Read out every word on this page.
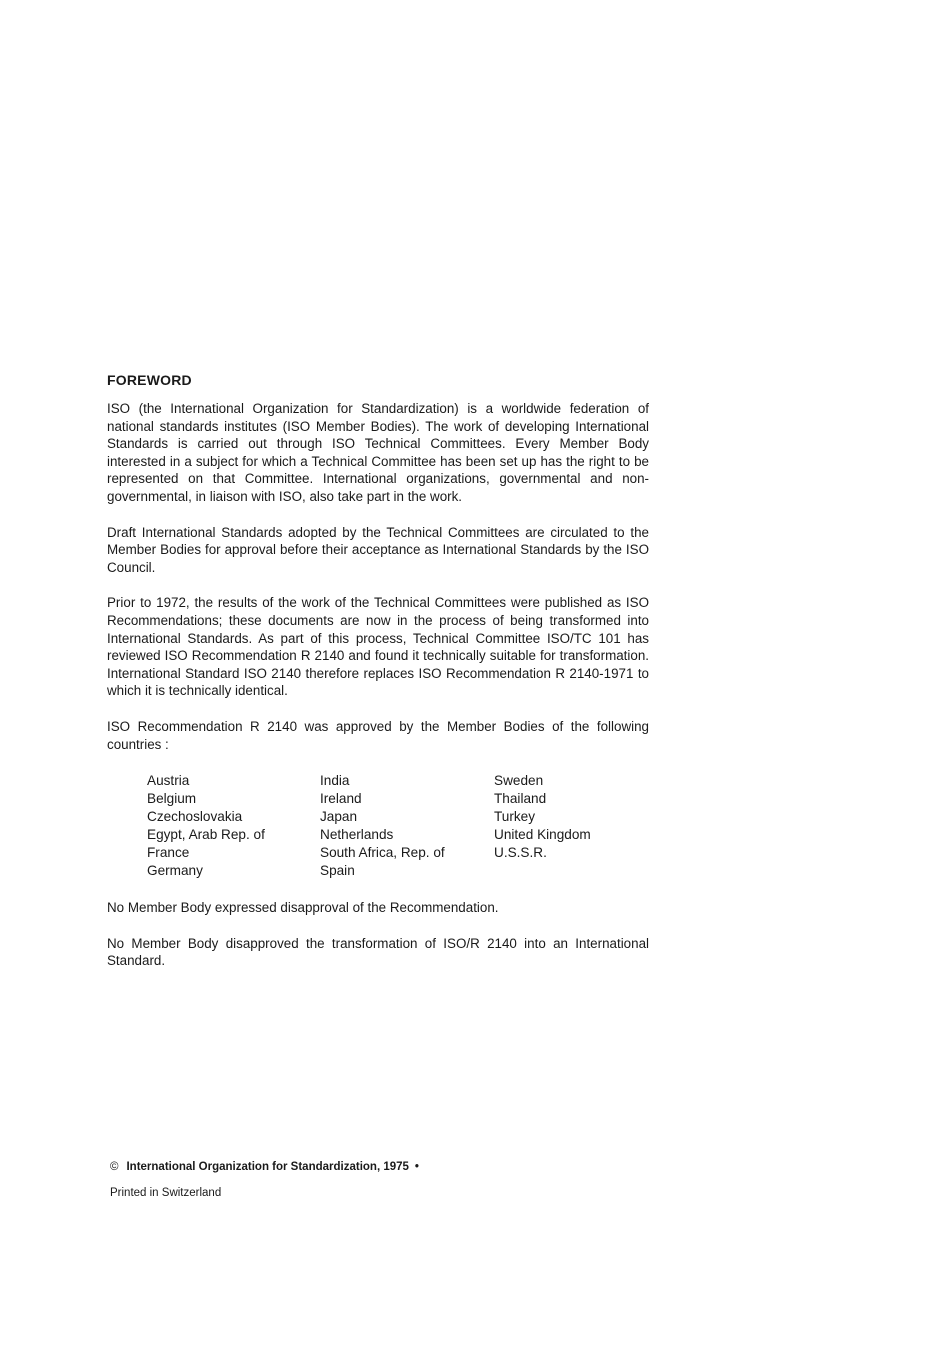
FOREWORD

ISO (the International Organization for Standardization) is a worldwide federation of national standards institutes (ISO Member Bodies). The work of developing International Standards is carried out through ISO Technical Committees. Every Member Body interested in a subject for which a Technical Committee has been set up has the right to be represented on that Committee. International organizations, governmental and non-governmental, in liaison with ISO, also take part in the work.

Draft International Standards adopted by the Technical Committees are circulated to the Member Bodies for approval before their acceptance as International Standards by the ISO Council.

Prior to 1972, the results of the work of the Technical Committees were published as ISO Recommendations; these documents are now in the process of being transformed into International Standards. As part of this process, Technical Committee ISO/TC 101 has reviewed ISO Recommendation R 2140 and found it technically suitable for transformation. International Standard ISO 2140 therefore replaces ISO Recommendation R 2140-1971 to which it is technically identical.

ISO Recommendation R 2140 was approved by the Member Bodies of the following countries :

Austria
Belgium
Czechoslovakia
Egypt, Arab Rep. of
France
Germany
India
Ireland
Japan
Netherlands
South Africa, Rep. of
Spain
Sweden
Thailand
Turkey
United Kingdom
U.S.S.R.

No Member Body expressed disapproval of the Recommendation.

No Member Body disapproved the transformation of ISO/R 2140 into an International Standard.

© International Organization for Standardization, 1975 •
Printed in Switzerland
